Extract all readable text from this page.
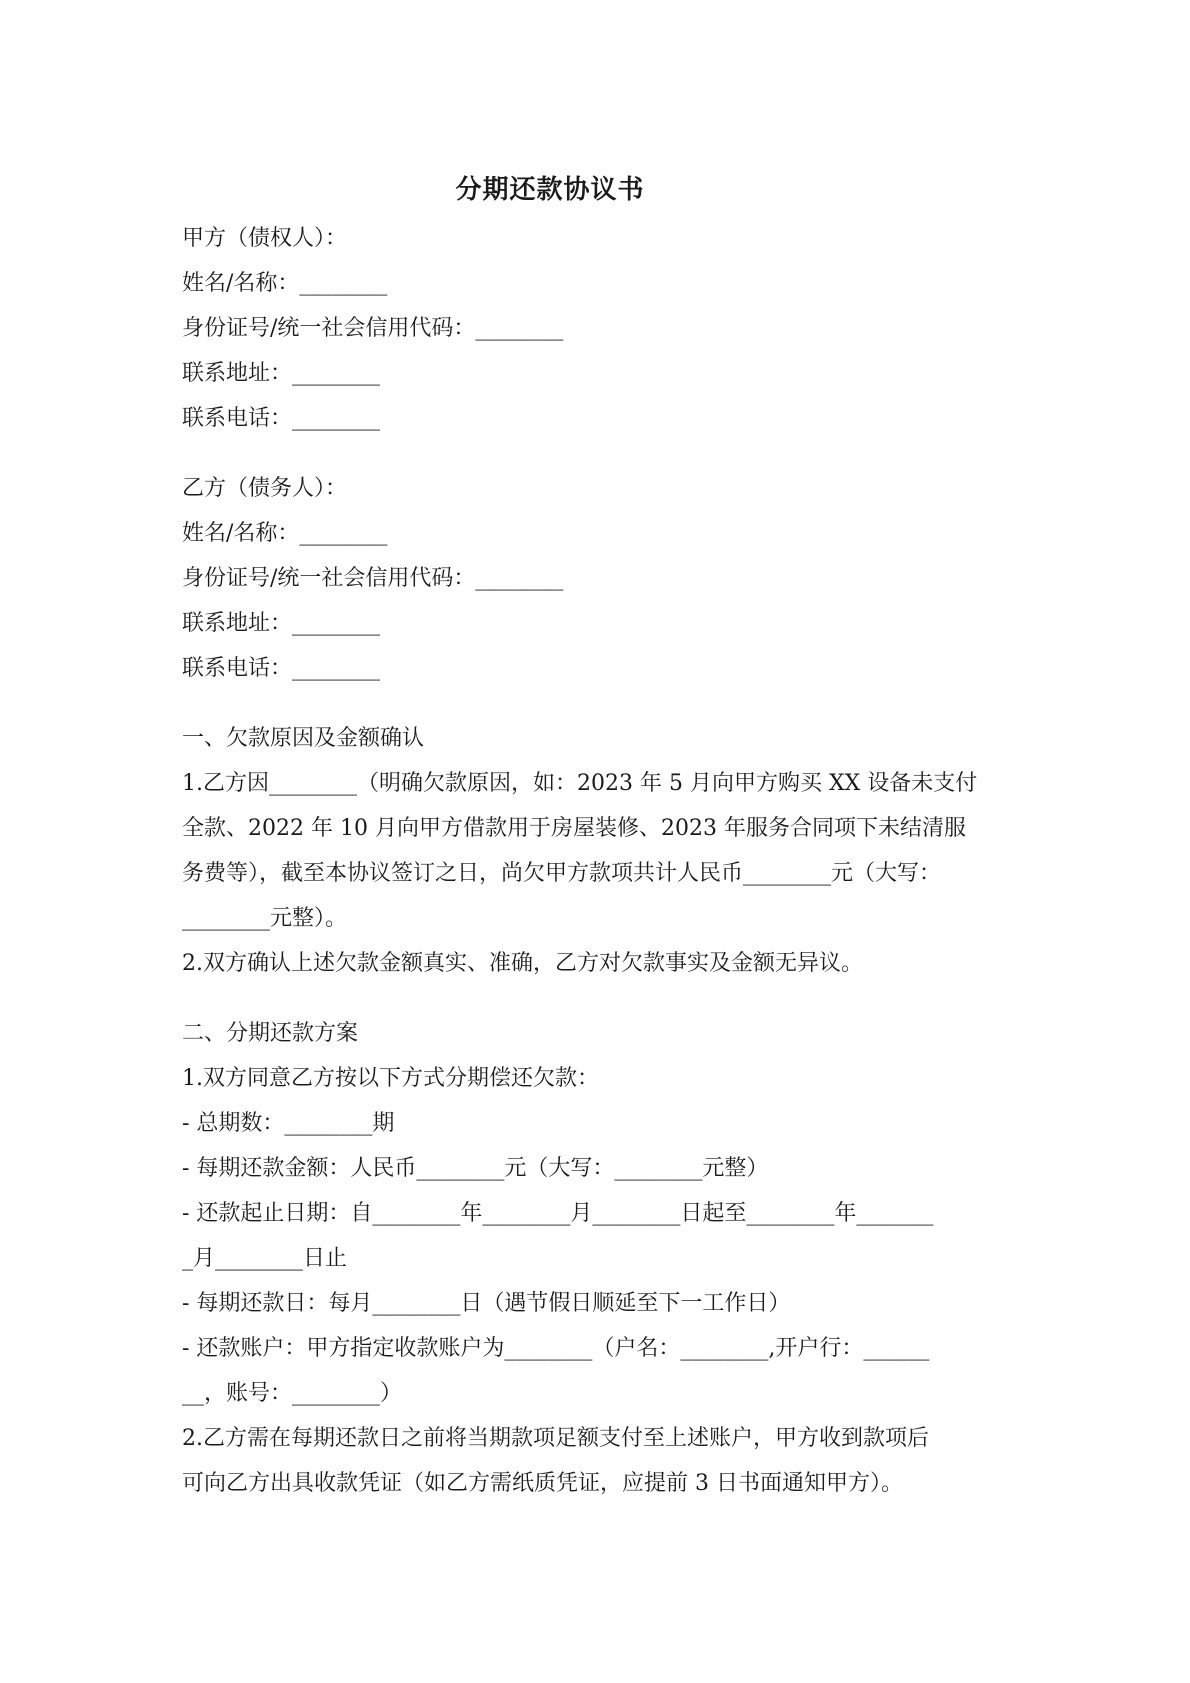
分期还款协议书
甲方（债权人）：
姓名/名称：________
身份证号/统一社会信用代码：________
联系地址：________
联系电话：________
乙方（债务人）：
姓名/名称：________
身份证号/统一社会信用代码：________
联系地址：________
联系电话：________
一、欠款原因及金额确认
1.乙方因________（明确欠款原因，如：2023 年 5 月向甲方购买 XX 设备未支付
全款、2022 年 10 月向甲方借款用于房屋装修、2023 年服务合同项下未结清服
务费等），截至本协议签订之日，尚欠甲方款项共计人民币________元（大写：
________元整）。
2.双方确认上述欠款金额真实、准确，乙方对欠款事实及金额无异议。
二、分期还款方案
1.双方同意乙方按以下方式分期偿还欠款：
- 总期数：________期
- 每期还款金额：人民币________元（大写：________元整）
- 还款起止日期：自________年________月________日起至________年_______
_月________日止
- 每期还款日：每月________日（遇节假日顺延至下一工作日）
- 还款账户：甲方指定收款账户为________（户名：________,开户行：______
__，账号：________）
2.乙方需在每期还款日之前将当期款项足额支付至上述账户，甲方收到款项后
可向乙方出具收款凭证（如乙方需纸质凭证，应提前 3 日书面通知甲方）。
